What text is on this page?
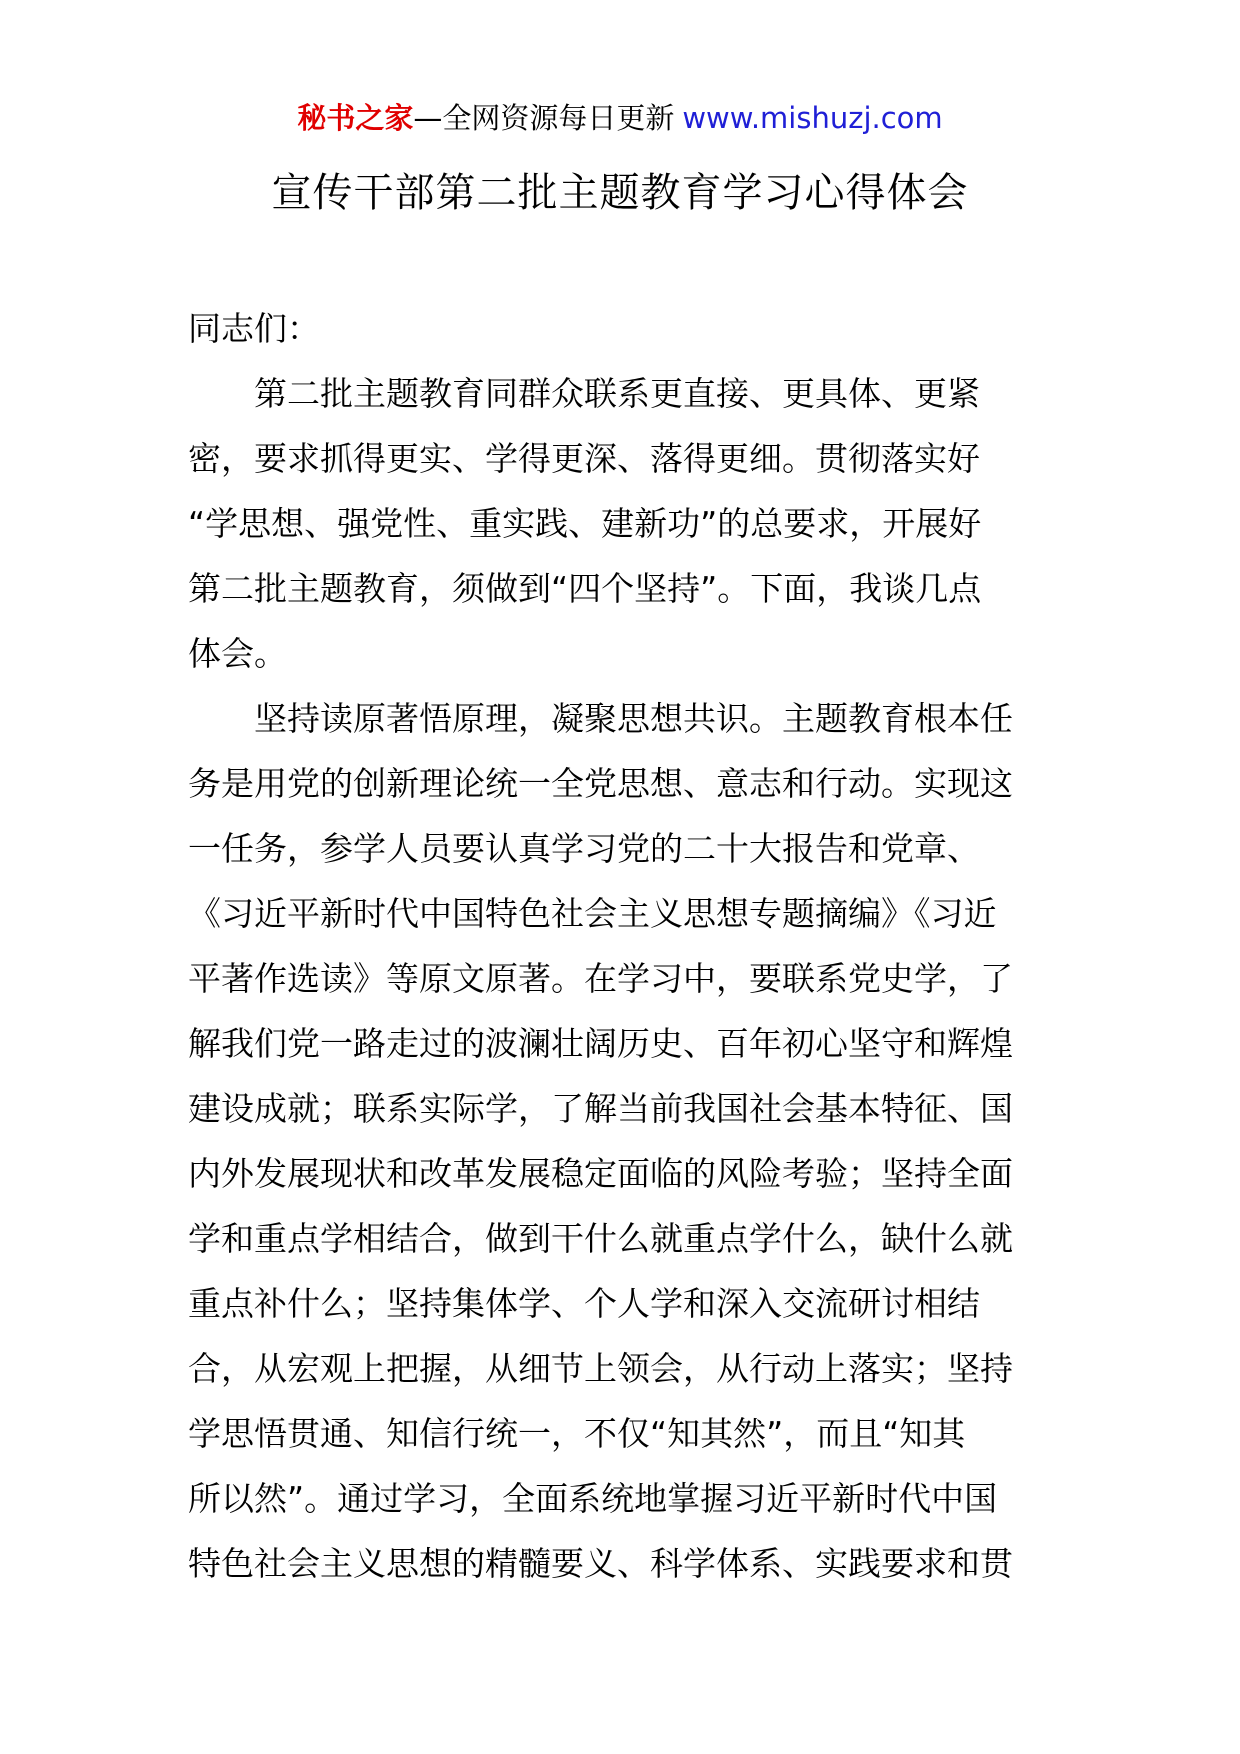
秘书之家—全网资源每日更新 www.mishuzj.com
宣传干部第二批主题教育学习心得体会
同志们：
第二批主题教育同群众联系更直接、更具体、更紧
密，要求抓得更实、学得更深、落得更细。贯彻落实好
“学思想、强党性、重实践、建新功”的总要求，开展好
第二批主题教育，须做到“四个坚持”。下面，我谈几点
体会。
坚持读原著悟原理，凝聚思想共识。主题教育根本任
务是用党的创新理论统一全党思想、意志和行动。实现这
一任务，参学人员要认真学习党的二十大报告和党章、
《习近平新时代中国特色社会主义思想专题摘编》《习近
平著作选读》等原文原著。在学习中，要联系党史学，了
解我们党一路走过的波澜壮阔历史、百年初心坚守和辉煌
建设成就；联系实际学，了解当前我国社会基本特征、国
内外发展现状和改革发展稳定面临的风险考验；坚持全面
学和重点学相结合，做到干什么就重点学什么，缺什么就
重点补什么；坚持集体学、个人学和深入交流研讨相结
合，从宏观上把握，从细节上领会，从行动上落实；坚持
学思悟贯通、知信行统一，不仅“知其然”，而且“知其
所以然”。通过学习，全面系统地掌握习近平新时代中国
特色社会主义思想的精髓要义、科学体系、实践要求和贯
